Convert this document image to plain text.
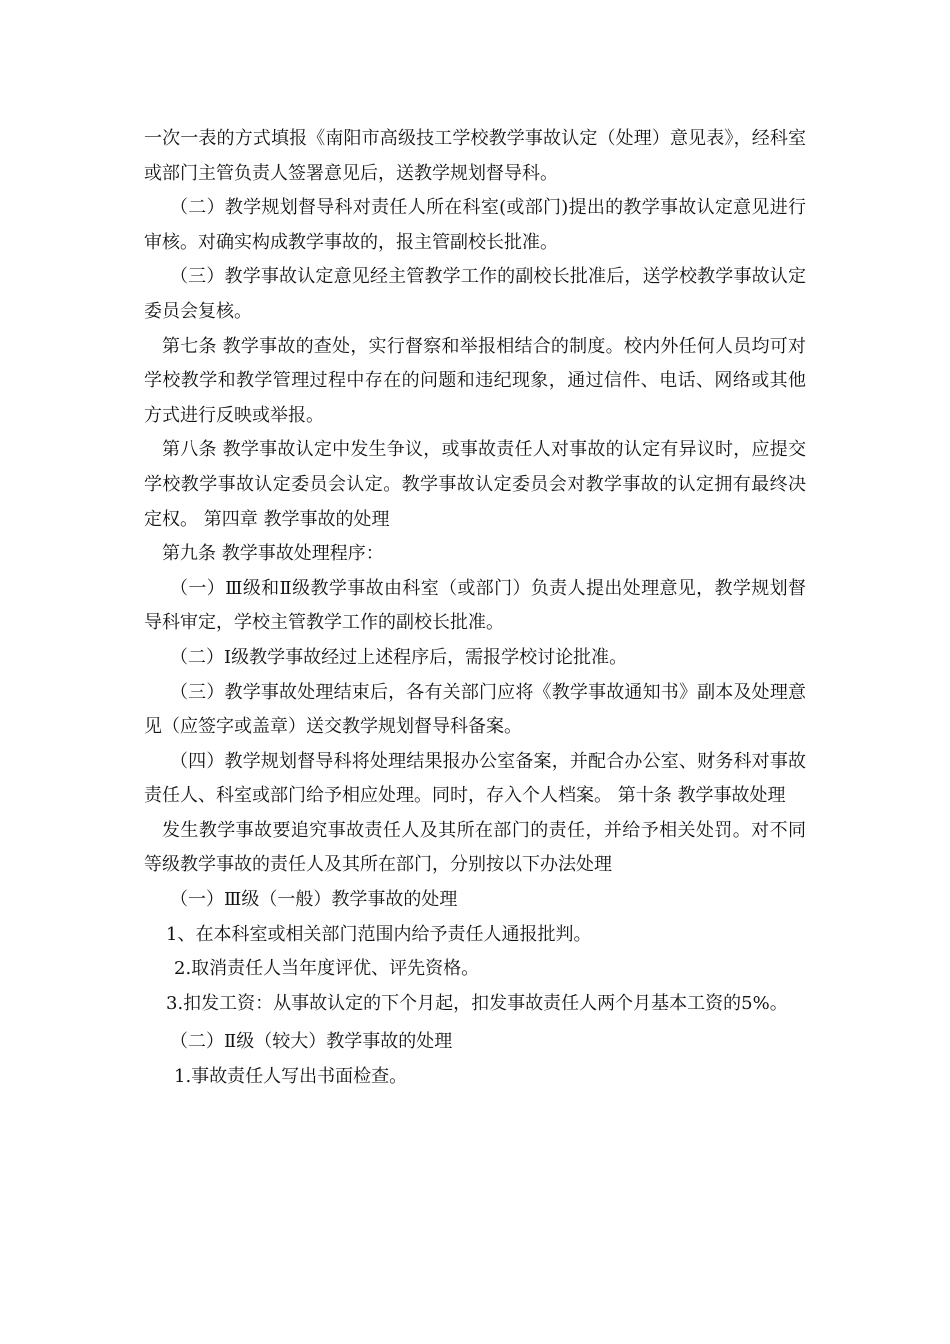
一次一表的方式填报《南阳市高级技工学校教学事故认定（处理）意见表》，经科室或部门主管负责人签署意见后，送教学规划督导科。

（二）教学规划督导科对责任人所在科室(或部门)提出的教学事故认定意见进行审核。对确实构成教学事故的，报主管副校长批准。

（三）教学事故认定意见经主管教学工作的副校长批准后，送学校教学事故认定委员会复核。

第七条 教学事故的查处，实行督察和举报相结合的制度。校内外任何人员均可对学校教学和教学管理过程中存在的问题和违纪现象，通过信件、电话、网络或其他方式进行反映或举报。

第八条 教学事故认定中发生争议，或事故责任人对事故的认定有异议时，应提交学校教学事故认定委员会认定。教学事故认定委员会对教学事故的认定拥有最终决定权。 第四章 教学事故的处理

第九条 教学事故处理程序：

（一）Ⅲ级和Ⅱ级教学事故由科室（或部门）负责人提出处理意见，教学规划督导科审定，学校主管教学工作的副校长批准。

（二）Ⅰ级教学事故经过上述程序后，需报学校讨论批准。

（三）教学事故处理结束后，各有关部门应将《教学事故通知书》副本及处理意见（应签字或盖章）送交教学规划督导科备案。

（四）教学规划督导科将处理结果报办公室备案，并配合办公室、财务科对事故责任人、科室或部门给予相应处理。同时，存入个人档案。 第十条 教学事故处理

发生教学事故要追究事故责任人及其所在部门的责任，并给予相关处罚。对不同等级教学事故的责任人及其所在部门，分别按以下办法处理

（一）Ⅲ级（一般）教学事故的处理

1、在本科室或相关部门范围内给予责任人通报批判。

2.取消责任人当年度评优、评先资格。

3.扣发工资：从事故认定的下个月起，扣发事故责任人两个月基本工资的5%。

（二）Ⅱ级（较大）教学事故的处理

1.事故责任人写出书面检查。
